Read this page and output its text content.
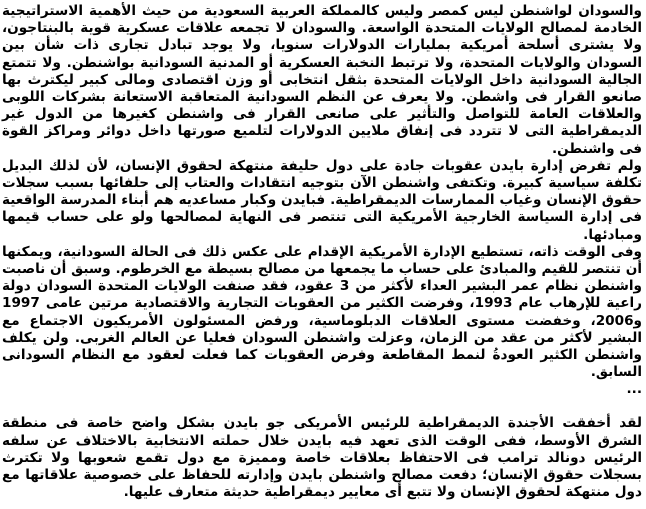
والسودان لواشنطن ليس كمصر وليس كالمملكة العربية السعودية من حيث الأهمية الاستراتيجية الخادمة لمصالح الولايات المتحدة الواسعة. والسودان لا تجمعه علاقات عسكرية قوية بالبنتاجون، ولا يشترى أسلحة أمريكية بمليارات الدولارات سنويا، ولا يوجد تبادل تجارى ذات شأن بين السودان والولايات المتحدة، ولا ترتبط النخبة العسكرية أو المدنية السودانية بواشنطن. ولا تتمتع الجالية السودانية داخل الولايات المتحدة بثقل انتخابى أو وزن اقتصادى ومالى كبير ليكترث بها صانعو القرار فى واشطن. ولا يعرف عن النظم السودانية المتعاقبة الاستعانة بشركات اللوبى والعلاقات العامة للتواصل والتأثير على صانعى القرار فى واشنطن كغيرها من الدول غير الديمقراطية التى لا تتردد فى إنفاق ملايين الدولارات لتلميع صورتها داخل دوائر ومراكز القوة فى واشنطن.

ولم تفرض إدارة بايدن عقوبات جادة على دول حليفة منتهكة لحقوق الإنسان، لأن لذلك البديل تكلفة سياسية كبيرة. وتكتفى واشنطن الآن بتوجيه انتقادات والعتاب إلى حلفائها بسبب سجلات حقوق الإنسان وغياب الممارسات الديمقراطية. فبايدن وكبار مساعديه هم أبناء المدرسة الواقعية فى إدارة السياسة الخارجية الأمريكية التى تنتصر فى النهاية لمصالحها ولو على حساب قيمها ومبادئها.

وفى الوقت ذاته، تستطيع الإدارة الأمريكية الإقدام على عكس ذلك فى الحالة السودانية، ويمكنها أن تنتصر للقيم والمبادئ على حساب ما يجمعها من مصالح بسيطة مع الخرطوم. وسبق أن ناصبت واشنطن نظام عمر البشير العداء لأكثر من 3 عقود، فقد صنفت الولايات المتحدة السودان دولة راعية للإرهاب عام 1993، وفرضت الكثير من العقوبات التجارية والاقتصادية مرتين عامى 1997 و2006، وخفضت مستوى العلاقات الدبلوماسية، ورفض المسئولون الأمريكيون الاجتماع مع البشير لأكثر من عقد من الزمان، وعزلت واشنطن السودان فعليا عن العالم الغربى. ولن يكلف واشنطن الكثير العودةُ لنمط المقاطعة وفرض العقوبات كما فعلت لعقود مع النظام السودانى السابق.

...

لقد أخفقت الأجندة الديمقراطية للرئيس الأمريكى جو بايدن بشكل واضح خاصة فى منطقة الشرق الأوسط، ففى الوقت الذى تعهد فيه بايدن خلال حملته الانتخابية بالاختلاف عن سلفه الرئيس دونالد ترامب فى الاحتفاظ بعلاقات خاصة ومميزة مع دول تقمع شعوبها ولا تكترث بسجلات حقوق الإنسان؛ دفعت مصالح واشنطن بايدن وإدارته للحفاظ على خصوصية علاقاتها مع دول منتهكة لحقوق الإنسان ولا تتبع أى معايير ديمقراطية حديثة متعارف عليها.
